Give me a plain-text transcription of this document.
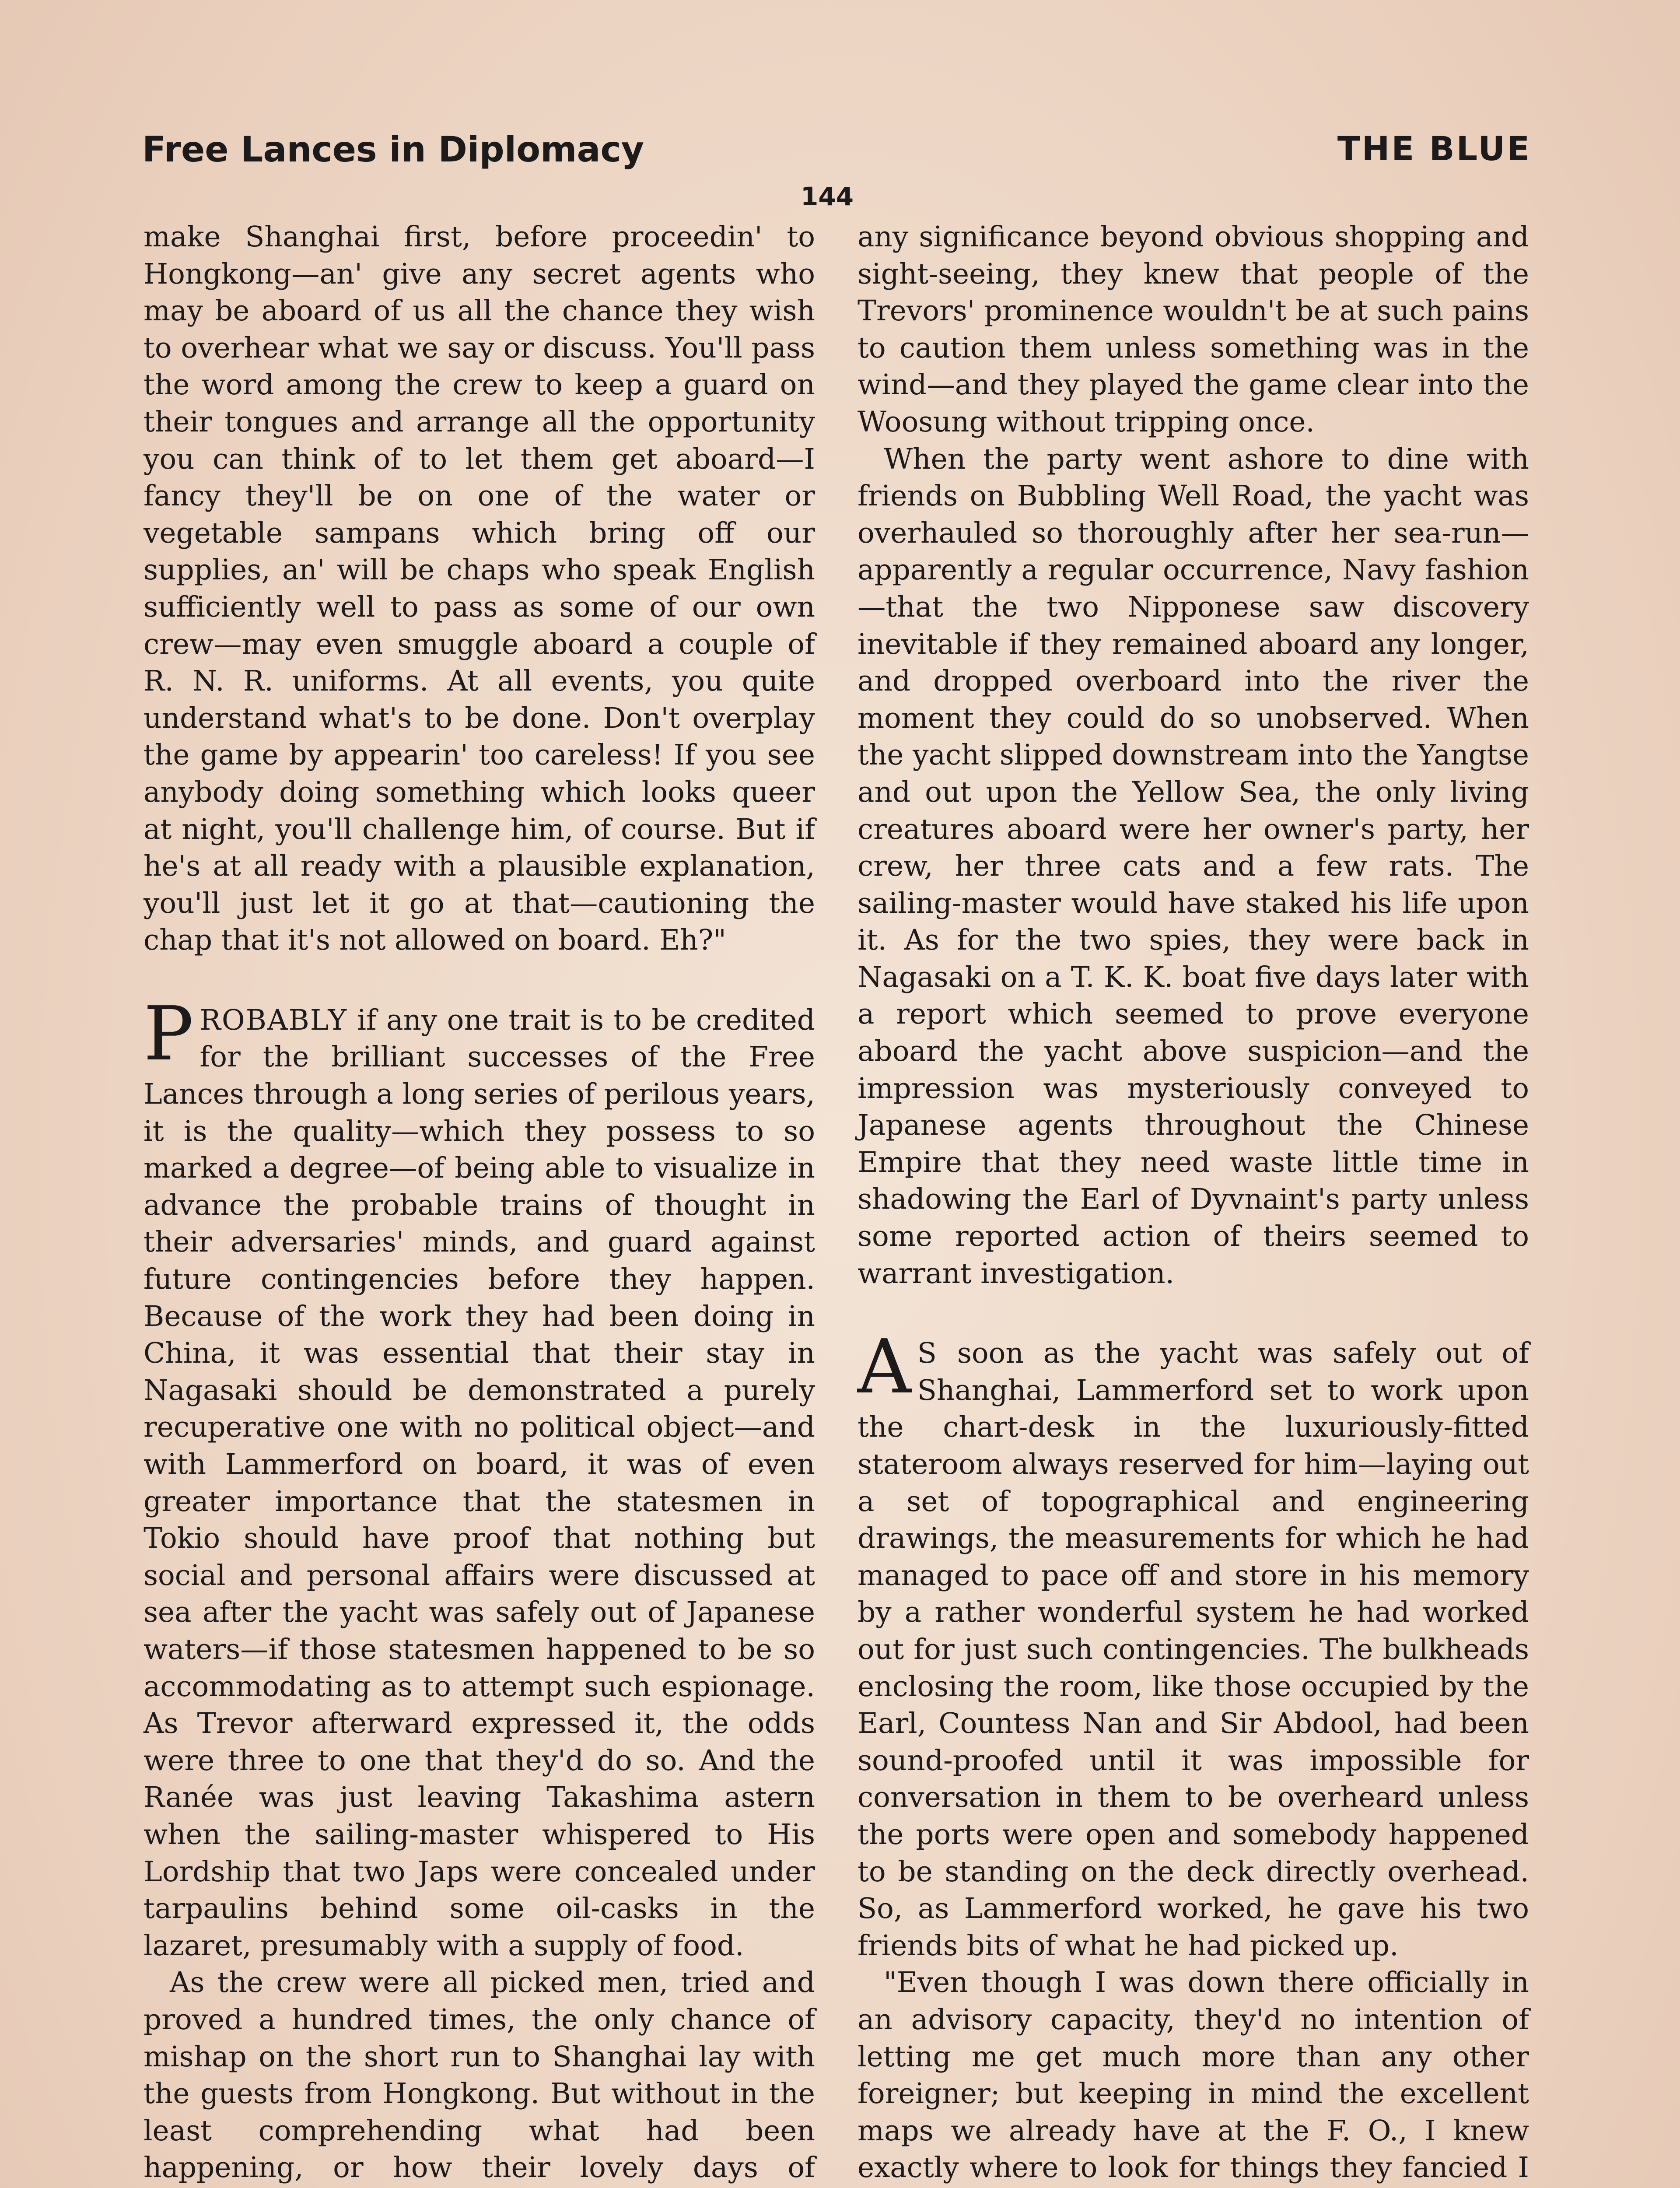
Free Lances in Diplomacy	THE BLUE
144

make Shanghai first, before proceedin' to Hongkong—an' give any secret agents who may be aboard of us all the chance they wish to overhear what we say or discuss. You'll pass the word among the crew to keep a guard on their tongues and arrange all the opportunity you can think of to let them get aboard—I fancy they'll be on one of the water or vegetable sampans which bring off our supplies, an' will be chaps who speak English sufficiently well to pass as some of our own crew—may even smuggle aboard a couple of R. N. R. uniforms. At all events, you quite understand what's to be done. Don't overplay the game by appearin' too careless! If you see anybody doing something which looks queer at night, you'll challenge him, of course. But if he's at all ready with a plausible explanation, you'll just let it go at that—cautioning the chap that it's not allowed on board. Eh?"

PROBABLY if any one trait is to be credited for the brilliant successes of the Free Lances through a long series of perilous years, it is the quality—which they possess to so marked a degree—of being able to visualize in advance the probable trains of thought in their adversaries' minds, and guard against future contingencies before they happen. Because of the work they had been doing in China, it was essential that their stay in Nagasaki should be demonstrated a purely recuperative one with no political object—and with Lammerford on board, it was of even greater importance that the statesmen in Tokio should have proof that nothing but social and personal affairs were discussed at sea after the yacht was safely out of Japanese waters—if those statesmen happened to be so accommodating as to attempt such espionage. As Trevor afterward expressed it, the odds were three to one that they'd do so. And the Ranée was just leaving Takashima astern when the sailing-master whispered to His Lordship that two Japs were concealed under tarpaulins behind some oil-casks in the lazaret, presumably with a supply of food.

As the crew were all picked men, tried and proved a hundred times, the only chance of mishap on the short run to Shanghai lay with the guests from Hongkong. But without in the least comprehending what had been happening, or how their lovely days of

any significance beyond obvious shopping and sight-seeing, they knew that people of the Trevors' prominence wouldn't be at such pains to caution them unless something was in the wind—and they played the game clear into the Woosung without tripping once.

When the party went ashore to dine with friends on Bubbling Well Road, the yacht was overhauled so thoroughly after her sea-run—apparently a regular occurrence, Navy fashion—that the two Nipponese saw discovery inevitable if they remained aboard any longer, and dropped overboard into the river the moment they could do so unobserved. When the yacht slipped downstream into the Yangtse and out upon the Yellow Sea, the only living creatures aboard were her owner's party, her crew, her three cats and a few rats. The sailing-master would have staked his life upon it. As for the two spies, they were back in Nagasaki on a T. K. K. boat five days later with a report which seemed to prove everyone aboard the yacht above suspicion—and the impression was mysteriously conveyed to Japanese agents throughout the Chinese Empire that they need waste little time in shadowing the Earl of Dyvnaint's party unless some reported action of theirs seemed to warrant investigation.

A S soon as the yacht was safely out of Shanghai, Lammerford set to work upon the chart-desk in the luxuriously-fitted stateroom always reserved for him—laying out a set of topographical and engineering drawings, the measurements for which he had managed to pace off and store in his memory by a rather wonderful system he had worked out for just such contingencies. The bulkheads enclosing the room, like those occupied by the Earl, Countess Nan and Sir Abdool, had been sound-proofed until it was impossible for conversation in them to be overheard unless the ports were open and somebody happened to be standing on the deck directly overhead. So, as Lammerford worked, he gave his two friends bits of what he had picked up.

"Even though I was down there officially in an advisory capacity, they'd no intention of letting me get much more than any other foreigner; but keeping in mind the excellent maps we already have at the F. O., I knew exactly where to look for things they fancied I
